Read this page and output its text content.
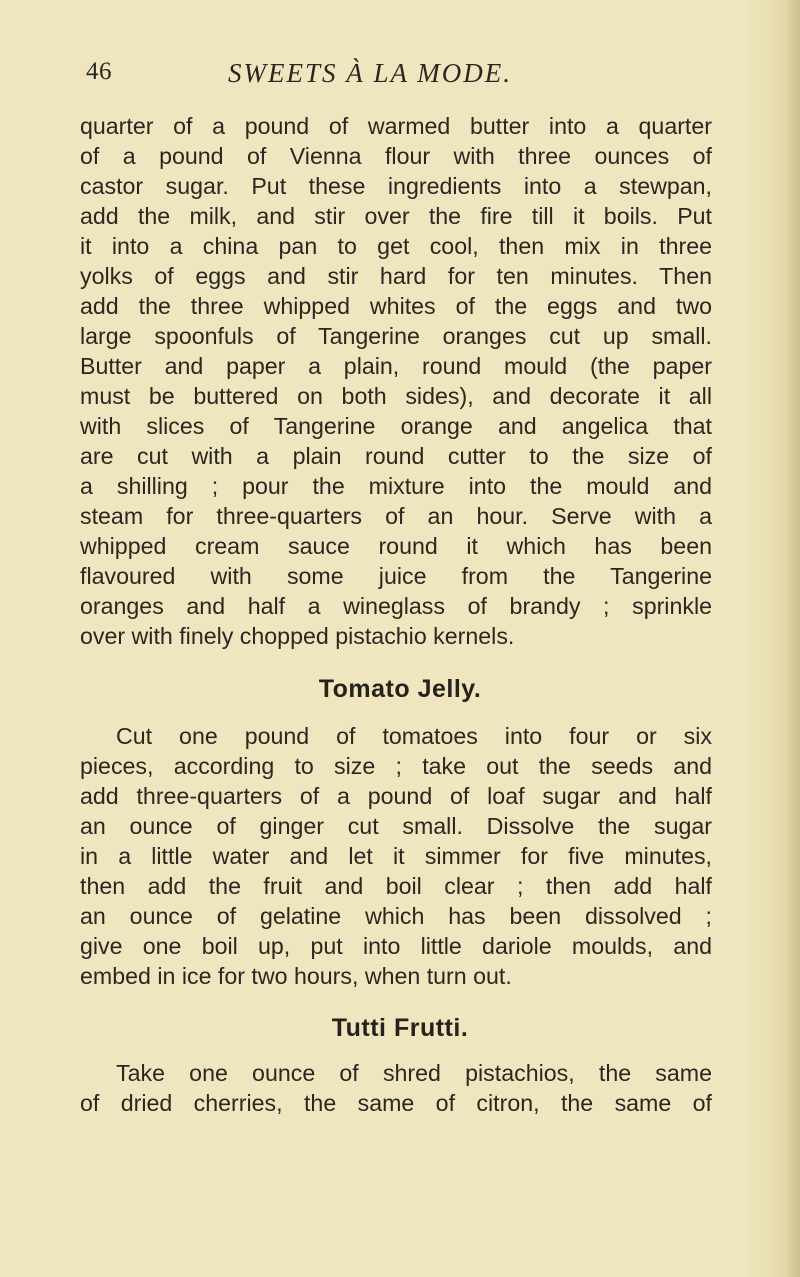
46	SWEETS À LA MODE.
quarter of a pound of warmed butter into a quarter
of a pound of Vienna flour with three ounces of
castor sugar. Put these ingredients into a stewpan,
add the milk, and stir over the fire till it boils. Put
it into a china pan to get cool, then mix in three
yolks of eggs and stir hard for ten minutes. Then
add the three whipped whites of the eggs and two
large spoonfuls of Tangerine oranges cut up small.
Butter and paper a plain, round mould (the paper
must be buttered on both sides), and decorate it all
with slices of Tangerine orange and angelica that
are cut with a plain round cutter to the size of
a shilling ; pour the mixture into the mould and
steam for three-quarters of an hour. Serve with a
whipped cream sauce round it which has been
flavoured with some juice from the Tangerine
oranges and half a wineglass of brandy ; sprinkle
over with finely chopped pistachio kernels.
Tomato Jelly.
Cut one pound of tomatoes into four or six
pieces, according to size ; take out the seeds and
add three-quarters of a pound of loaf sugar and half
an ounce of ginger cut small. Dissolve the sugar
in a little water and let it simmer for five minutes,
then add the fruit and boil clear ; then add half
an ounce of gelatine which has been dissolved ;
give one boil up, put into little dariole moulds, and
embed in ice for two hours, when turn out.
Tutti Frutti.
Take one ounce of shred pistachios, the same
of dried cherries, the same of citron, the same of
